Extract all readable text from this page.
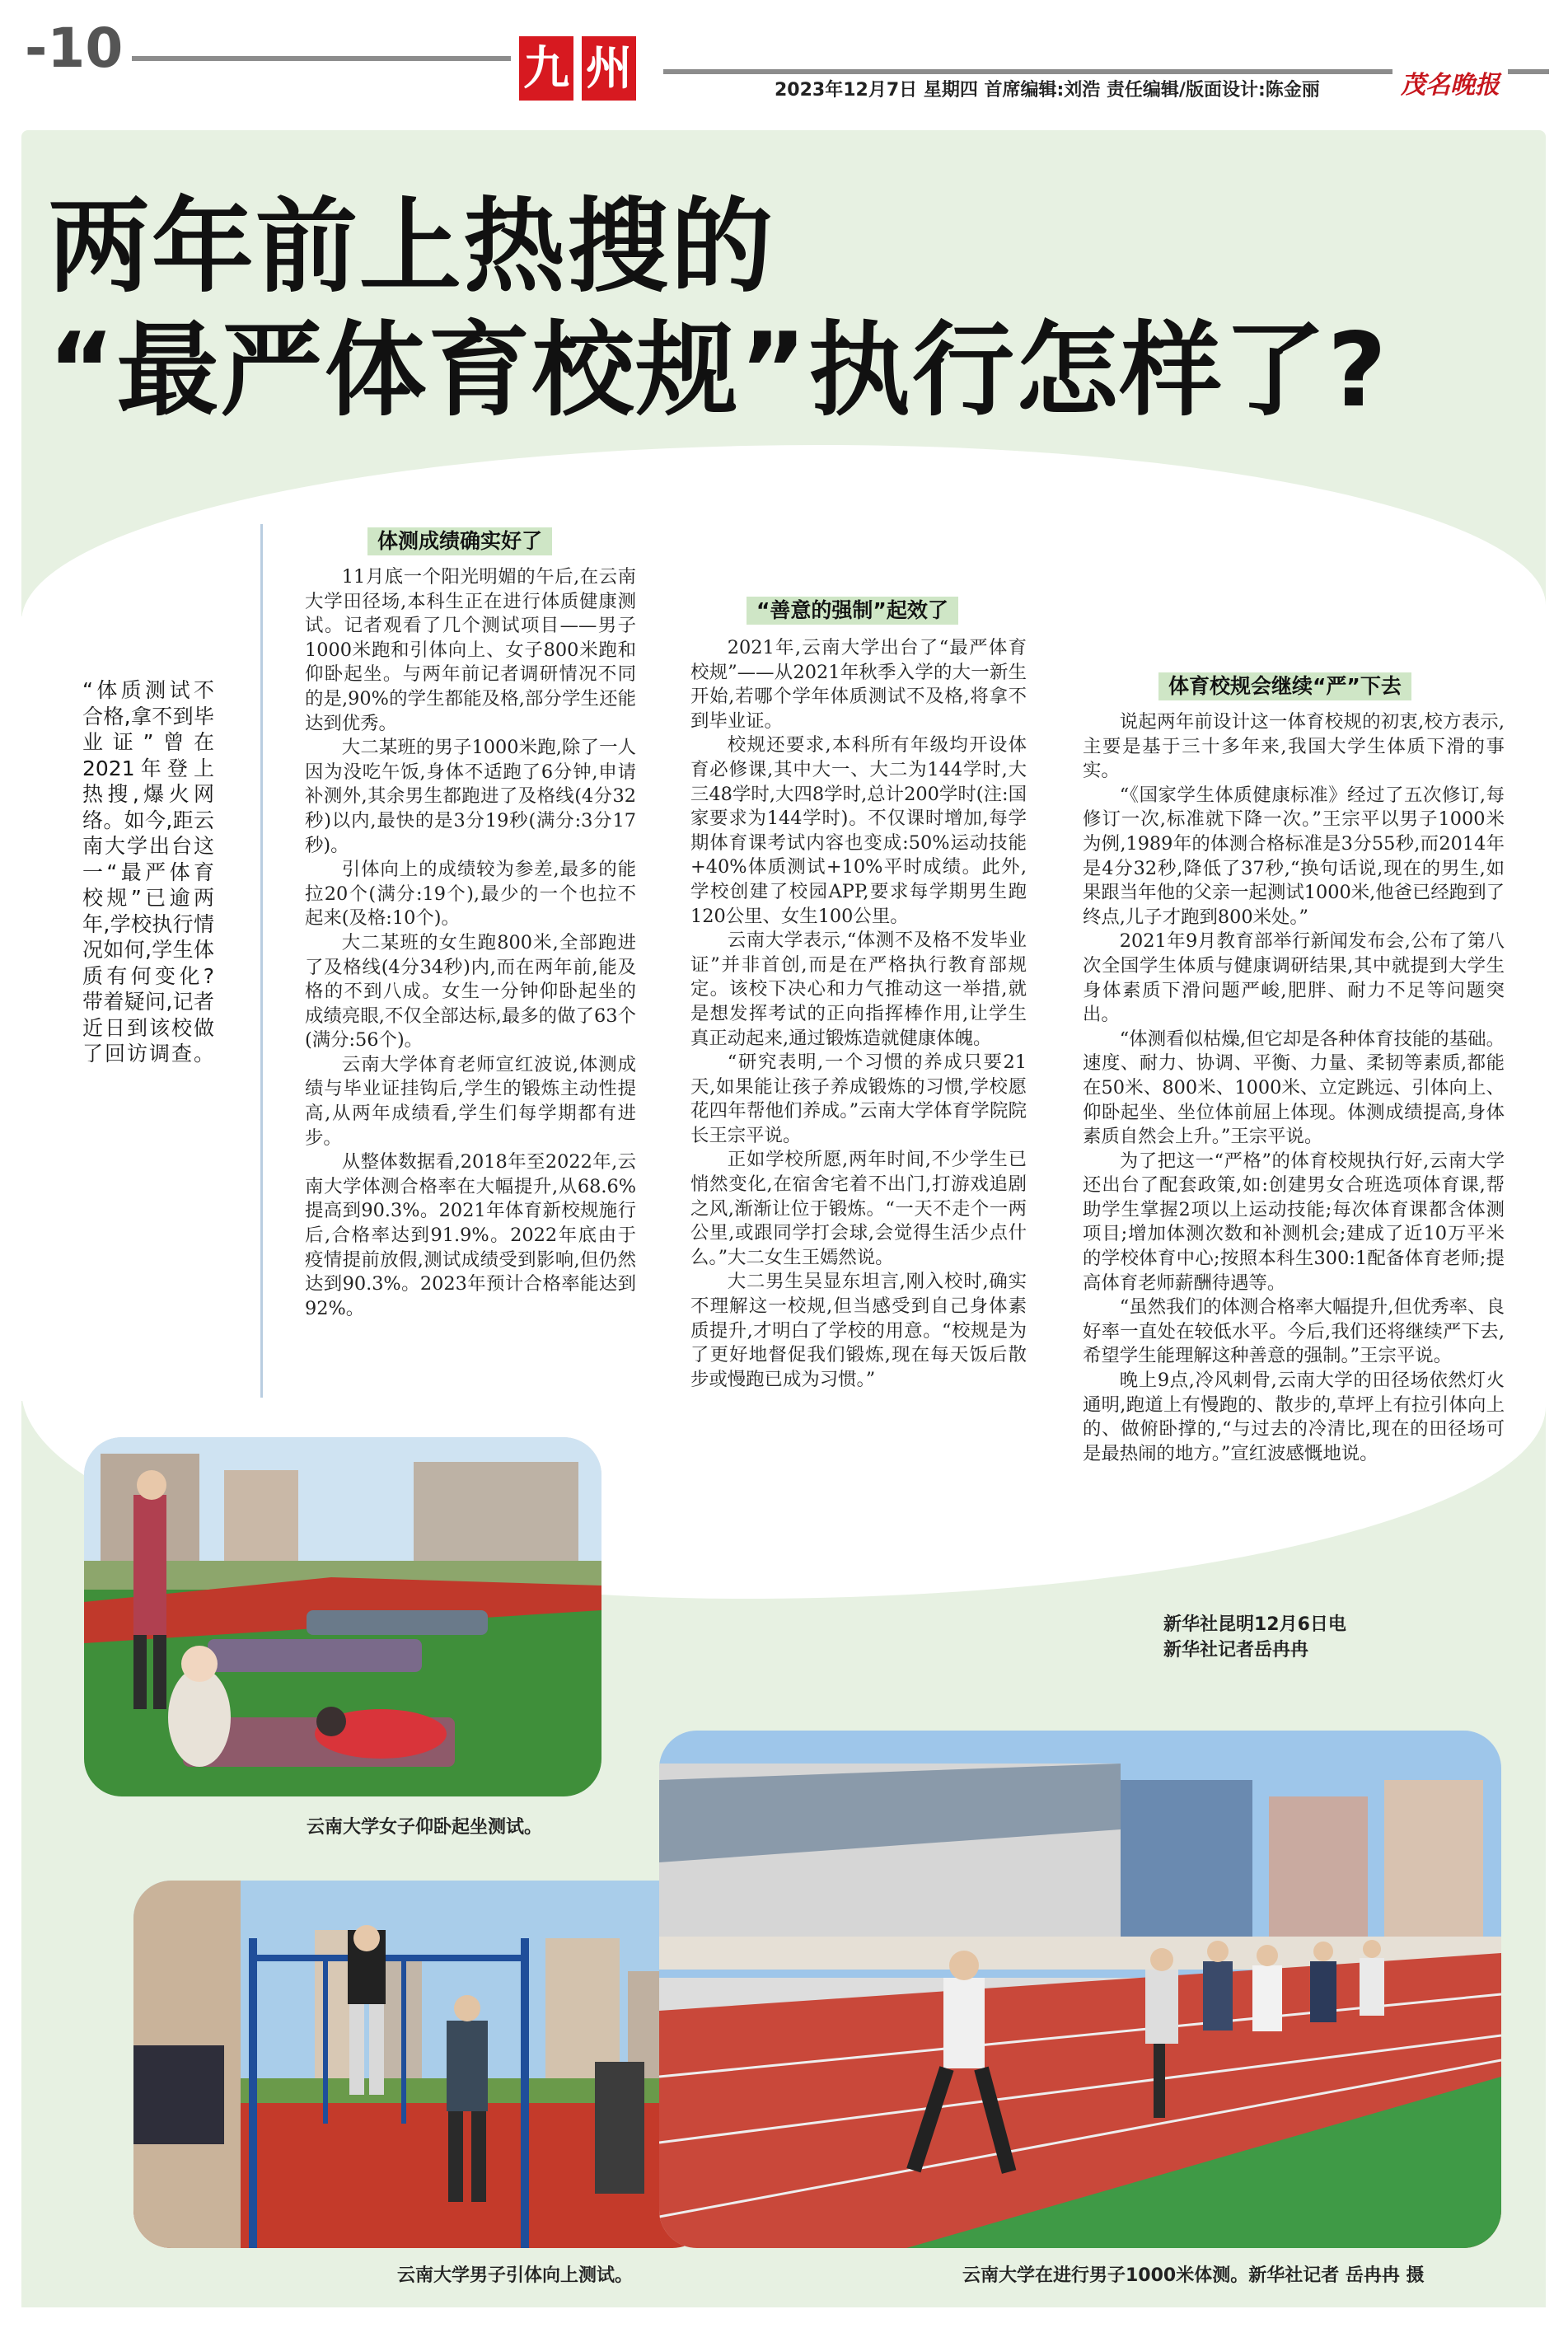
-10	九 州	2023年12月7日 星期四 首席编辑:刘浩 责任编辑/版面设计:陈金丽	茂名晚报
两年前上热搜的
“最严体育校规”执行怎样了?
“体质测试不合格,拿不到毕业证”曾在2021年登上热搜,爆火网络。如今,距云南大学出台这一“最严体育校规”已逾两年,学校执行情况如何,学生体质有何变化?带着疑问,记者近日到该校做了回访调查。
体测成绩确实好了

11月底一个阳光明媚的午后,在云南大学田径场,本科生正在进行体质健康测试。记者观看了几个测试项目——男子1000米跑和引体向上、女子800米跑和仰卧起坐。与两年前记者调研情况不同的是,90%的学生都能及格,部分学生还能达到优秀。

大二某班的男子1000米跑,除了一人因为没吃午饭,身体不适跑了6分钟,申请补测外,其余男生都跑进了及格线(4分32秒)以内,最快的是3分19秒(满分:3分17秒)。

引体向上的成绩较为参差,最多的能拉20个(满分:19个),最少的一个也拉不起来(及格:10个)。

大二某班的女生跑800米,全部跑进了及格线(4分34秒)内,而在两年前,能及格的不到八成。女生一分钟仰卧起坐的成绩亮眼,不仅全部达标,最多的做了63个(满分:56个)。

云南大学体育老师宣红波说,体测成绩与毕业证挂钩后,学生的锻炼主动性提高,从两年成绩看,学生们每学期都有进步。

从整体数据看,2018年至2022年,云南大学体测合格率在大幅提升,从68.6%提高到90.3%。2021年体育新校规施行后,合格率达到91.9%。2022年底由于疫情提前放假,测试成绩受到影响,但仍然达到90.3%。2023年预计合格率能达到92%。

“善意的强制”起效了

2021年,云南大学出台了“最严体育校规”——从2021年秋季入学的大一新生开始,若哪个学年体质测试不及格,将拿不到毕业证。

校规还要求,本科所有年级均开设体育必修课,其中大一、大二为144学时,大三48学时,大四8学时,总计200学时(注:国家要求为144学时)。不仅课时增加,每学期体育课考试内容也变成:50%运动技能+40%体质测试+10%平时成绩。此外,学校创建了校园APP,要求每学期男生跑120公里、女生100公里。

云南大学表示,“体测不及格不发毕业证”并非首创,而是在严格执行教育部规定。该校下决心和力气推动这一举措,就是想发挥考试的正向指挥棒作用,让学生真正动起来,通过锻炼造就健康体魄。

“研究表明,一个习惯的养成只要21天,如果能让孩子养成锻炼的习惯,学校愿花四年帮他们养成。”云南大学体育学院院长王宗平说。

正如学校所愿,两年时间,不少学生已悄然变化,在宿舍宅着不出门,打游戏追剧之风,渐渐让位于锻炼。“一天不走个一两公里,或跟同学打会球,会觉得生活少点什么。”大二女生王嫣然说。

大二男生吴显东坦言,刚入校时,确实不理解这一校规,但当感受到自己身体素质提升,才明白了学校的用意。“校规是为了更好地督促我们锻炼,现在每天饭后散步或慢跑已成为习惯。”

体育校规会继续“严”下去

说起两年前设计这一体育校规的初衷,校方表示,主要是基于三十多年来,我国大学生体质下滑的事实。

“《国家学生体质健康标准》经过了五次修订,每修订一次,标准就下降一次。”王宗平以男子1000米为例,1989年的体测合格标准是3分55秒,而2014年是4分32秒,降低了37秒,“换句话说,现在的男生,如果跟当年他的父亲一起测试1000米,他爸已经跑到了终点,儿子才跑到800米处。”

2021年9月教育部举行新闻发布会,公布了第八次全国学生体质与健康调研结果,其中就提到大学生身体素质下滑问题严峻,肥胖、耐力不足等问题突出。

“体测看似枯燥,但它却是各种体育技能的基础。速度、耐力、协调、平衡、力量、柔韧等素质,都能在50米、800米、1000米、立定跳远、引体向上、仰卧起坐、坐位体前屈上体现。体测成绩提高,身体素质自然会上升。”王宗平说。

为了把这一“严格”的体育校规执行好,云南大学还出台了配套政策,如:创建男女合班选项体育课,帮助学生掌握2项以上运动技能;每次体育课都含体测项目;增加体测次数和补测机会;建成了近10万平米的学校体育中心;按照本科生300:1配备体育老师;提高体育老师薪酬待遇等。

“虽然我们的体测合格率大幅提升,但优秀率、良好率一直处在较低水平。今后,我们还将继续严下去,希望学生能理解这种善意的强制。”王宗平说。

晚上9点,冷风刺骨,云南大学的田径场依然灯火通明,跑道上有慢跑的、散步的,草坪上有拉引体向上的、做俯卧撑的,“与过去的冷清比,现在的田径场可是最热闹的地方。”宣红波感慨地说。

新华社昆明12月6日电
新华社记者岳冉冉
云南大学女子仰卧起坐测试。
云南大学男子引体向上测试。	云南大学在进行男子1000米体测。新华社记者 岳冉冉 摄
